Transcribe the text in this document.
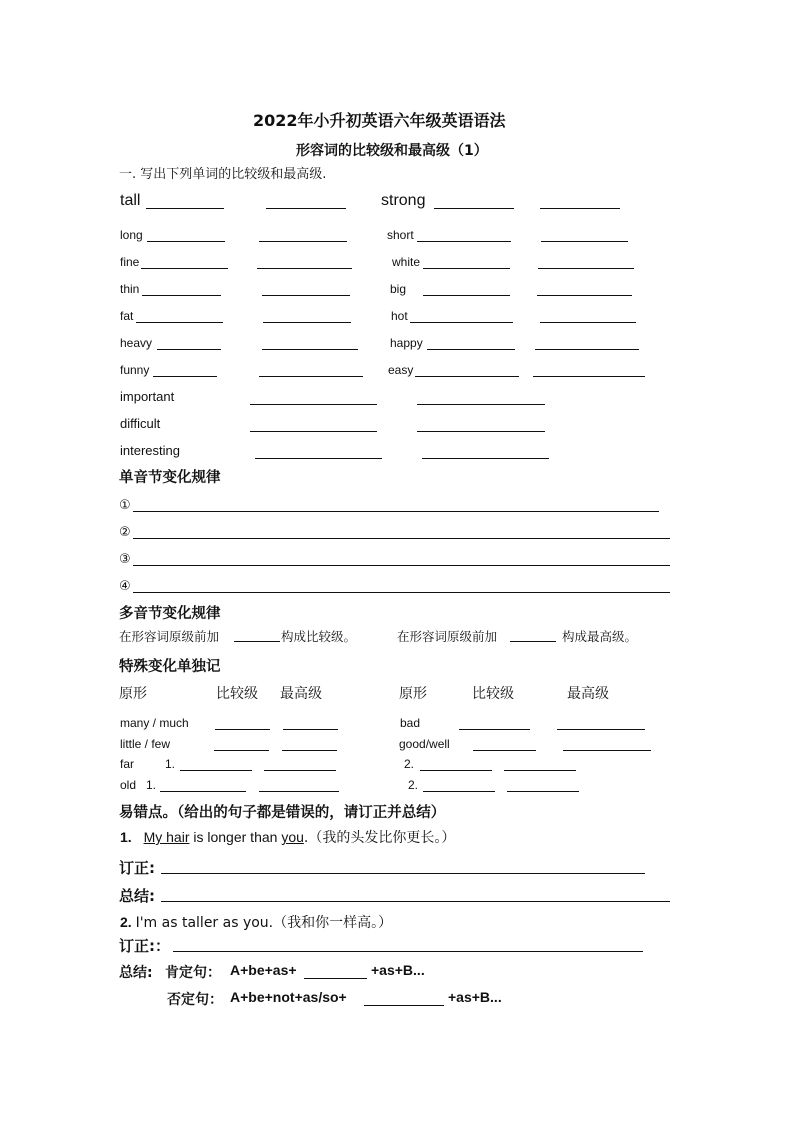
2022年小升初英语六年级英语语法
形容词的比较级和最高级（1）
一. 写出下列单词的比较级和最高级.
tall	strong
long	short
fine	white
thin	big
fat	hot
heavy	happy
funny	easy
important
difficult
interesting
单音节变化规律
①
②
③
④
多音节变化规律
在形容词原级前加	构成比较级。	在形容词原级前加	构成最高级。
特殊变化单独记
原形	比较级 最高级	原形	比较级	最高级
many / much	bad
little / few	good/well
far	1.	2.
old 1.	2.
易错点。（给出的句子都是错误的，请订正并总结）
1. My hair is longer than you.（我的头发比你更长。）
订正:
总结:
2. I'm as taller as you.（我和你一样高。）
订正:：
总结: 肯定句： A+be+as+	+as+B...
否定句： A+be+not+as/so+	+as+B...
